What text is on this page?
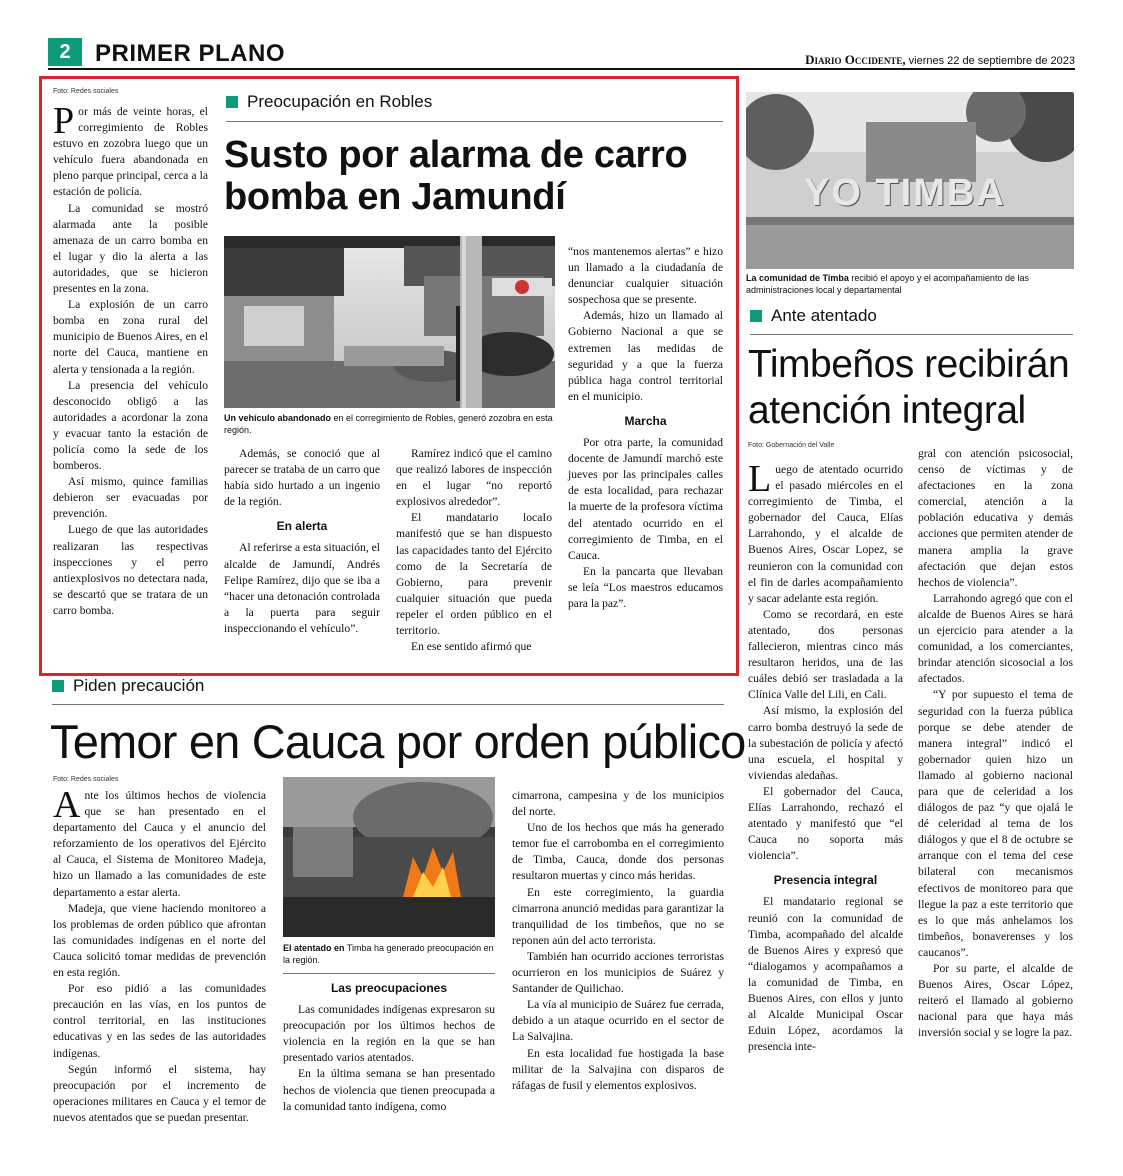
2	PRIMER PLANO	Diario Occidente, viernes 22 de septiembre de 2023
Foto: Redes sociales

Por más de veinte horas, el corregimiento de Robles estuvo en zozobra luego que un vehículo fuera abandonada en pleno parque principal, cerca a la estación de policía.

La comunidad se mostró alarmada ante la posible amenaza de un carro bomba en el lugar y dio la alerta a las autoridades, que se hicieron presentes en la zona.

La explosión de un carro bomba en zona rural del municipio de Buenos Aires, en el norte del Cauca, mantiene en alerta y tensionada a la región.

La presencia del vehículo desconocido obligó a las autoridades a acordonar la zona y evacuar tanto la estación de policía como la sede de los bomberos.

Así mismo, quince familias debieron ser evacuadas por prevención.

Luego de que las autoridades realizaran las respectivas inspecciones y el perro antiexplosivos no detectara nada, se descartó que se tratara de un carro bomba.

Preocupación en Robles
Susto por alarma de carro bomba en Jamundí
Un vehículo abandonado en el corregimiento de Robles, generó zozobra en esta región.

Además, se conoció que al parecer se trataba de un carro que había sido hurtado a un ingenio de la región.

En alerta

Al referirse a esta situación, el alcalde de Jamundí, Andrés Felipe Ramírez, dijo que se iba a “hacer una detonación controlada a la puerta para seguir inspeccionando el vehículo”.

Ramírez indicó que el camino que realizó labores de inspección en el lugar “no reportó explosivos alrededor”.

El mandatario locaIo manifestó que se han dispuesto las capacidades tanto del Ejército como de la Secretaría de Gobierno, para prevenir cualquier situación que pueda repeler el orden público en el territorio.

En ese sentido afirmó que

“nos mantenemos alertas” e hizo un llamado a la ciudadanía de denunciar cualquier situación sospechosa que se presente.

Además, hizo un llamado al Gobierno Nacional a que se extremen las medidas de seguridad y a que la fuerza pública haga control territorial en el municipio.

Marcha

Por otra parte, la comunidad docente de Jamundí marchó este jueves por las principales calles de esta localidad, para rechazar la muerte de la profesora víctima del atentado ocurrido en el corregimiento de Timba, en el Cauca.

En la pancarta que llevaban se leía “Los maestros educamos para la paz”.

YO TIMBA
La comunidad de Timba recibió el apoyo y el acompañamiento de las administraciones local y departamental
Ante atentado
Timbeños recibirán atención integral
Foto: Gobernación del Valle

Luego de atentado ocurrido el pasado miércoles en el corregimiento de Timba, el gobernador del Cauca, Elías Larrahondo, y el alcalde de Buenos Aires, Oscar Lopez, se reunieron con la comunidad con el fin de darles acompañamiento y sacar adelante esta región.

Como se recordará, en este atentado, dos personas fallecieron, mientras cinco más resultaron heridos, una de las cuáles debió ser trasladada a la Clínica Valle del Lili, en Cali.

Así mismo, la explosión del carro bomba destruyó la sede de la subestación de policía y afectó una escuela, el hospital y viviendas aledañas.

El gobernador del Cauca, Elías Larrahondo, rechazó el atentado y manifestó que “el Cauca no soporta más violencia”.

Presencia integral

El mandatario regional se reunió con la comunidad de Timba, acompañado del alcalde de Buenos Aires y expresó que “dialogamos y acompañamos a la comunidad de Timba, en Buenos Aires, con ellos y junto al Alcalde Municipal Oscar Eduin López, acordamos la presencia inte-

gral con atención psicosocial, censo de víctimas y de afectaciones en la zona comercial, atención a la población educativa y demás acciones que permiten atender de manera amplia la grave afectación que dejan estos hechos de violencia”.

Larrahondo agregó que con el alcalde de Buenos Aires se hará un ejercicio para atender a la comunidad, a los comerciantes, brindar atención sicosocial a los afectados.

“Y por supuesto el tema de seguridad con la fuerza pública porque se debe atender de manera integral” indicó el gobernador quien hizo un llamado al gobierno nacional para que de celeridad a los diálogos de paz “y que ojalá le dé celeridad al tema de los diálogos y que el 8 de octubre se arranque con el tema del cese bilateral con mecanismos efectivos de monitoreo para que llegue la paz a este territorio que es lo que más anhelamos los timbeños, bonaverenses y los caucanos”.

Por su parte, el alcalde de Buenos Aires, Oscar López, reiteró el llamado al gobierno nacional para que haya más inversión social y se logre la paz.

Piden precaución
Temor en Cauca por orden público
Foto: Redes sociales

Ante los últimos hechos de violencia que se han presentado en el departamento del Cauca y el anuncio del reforzamiento de los operativos del Ejército al Cauca, el Sistema de Monitoreo Madeja, hizo un llamado a las comunidades de este departamento a estar alerta.

Madeja, que viene haciendo monitoreo a los problemas de orden público que afrontan las comunidades indígenas en el norte del Cauca solicitó tomar medidas de prevención en esta región.

Por eso pidió a las comunidades precaución en las vías, en los puntos de control territorial, en las instituciones educativas y en las sedes de las autoridades indígenas.

Según informó el sistema, hay preocupación por el incremento de operaciones militares en Cauca y el temor de nuevos atentados que se puedan presentar.

El atentado en Timba ha generado preocupación en la región.
Las preocupaciones

Las comunidades indígenas expresaron su preocupación por los últimos hechos de violencia en la región en la que se han presentado varios atentados.

En la última semana se han presentado hechos de violencia que tienen preocupada a la comunidad tanto indígena, como

cimarrona, campesina y de los municipios del norte.

Uno de los hechos que más ha generado temor fue el carrobomba en el corregimiento de Timba, Cauca, donde dos personas resultaron muertas y cinco más heridas.

En este corregimiento, la guardia cimarrona anunció medidas para garantizar la tranquilidad de los timbeños, que no se reponen aún del acto terrorista.

También han ocurrido acciones terroristas ocurrieron en los municipios de Suárez y Santander de Quilichao.

La vía al municipio de Suárez fue cerrada, debido a un ataque ocurrido en el sector de La Salvajina.

En esta localidad fue hostigada la base militar de la Salvajina con disparos de ráfagas de fusil y elementos explosivos.
